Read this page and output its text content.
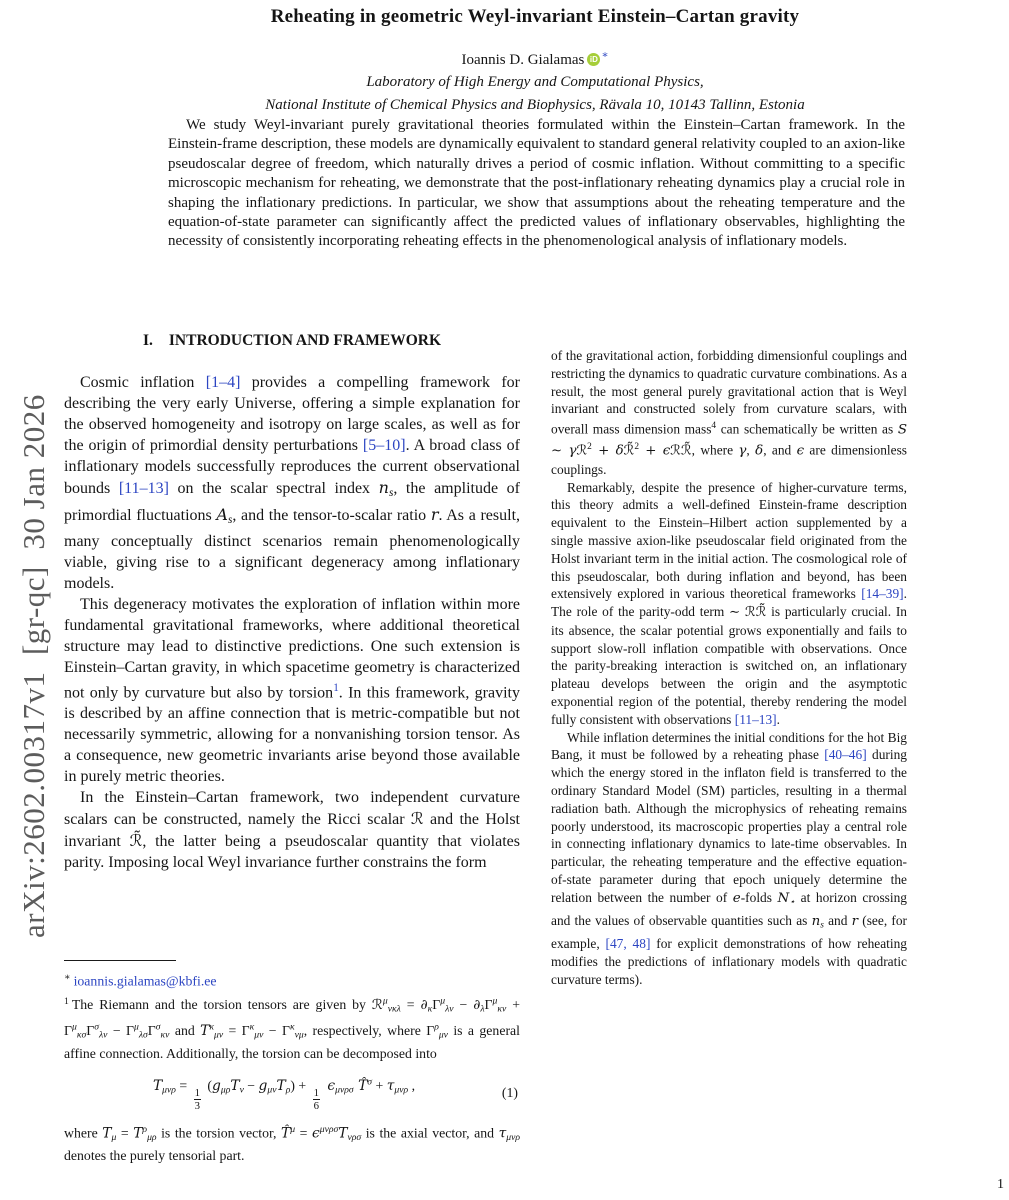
arXiv:2602.00317v1  [gr-qc]  30 Jan 2026
Reheating in geometric Weyl-invariant Einstein–Cartan gravity
Ioannis D. Gialamas iD ∗
Laboratory of High Energy and Computational Physics,
National Institute of Chemical Physics and Biophysics, Rävala 10, 10143 Tallinn, Estonia

We study Weyl-invariant purely gravitational theories formulated within the Einstein–Cartan framework. In the Einstein-frame description, these models are dynamically equivalent to standard general relativity coupled to an axion-like pseudoscalar degree of freedom, which naturally drives a period of cosmic inflation. Without committing to a specific microscopic mechanism for reheating, we demonstrate that the post-inflationary reheating dynamics play a crucial role in shaping the inflationary predictions. In particular, we show that assumptions about the reheating temperature and the equation-of-state parameter can significantly affect the predicted values of inflationary observables, highlighting the necessity of consistently incorporating reheating effects in the phenomenological analysis of inflationary models.

I. INTRODUCTION AND FRAMEWORK

Cosmic inflation [1–4] provides a compelling framework for describing the very early Universe, offering a simple explanation for the observed homogeneity and isotropy on large scales, as well as for the origin of primordial density perturbations [5–10]. A broad class of inflationary models successfully reproduces the current observational bounds [11–13] on the scalar spectral index ns, the amplitude of primordial fluctuations As, and the tensor-to-scalar ratio r. As a result, many conceptually distinct scenarios remain phenomenologically viable, giving rise to a significant degeneracy among inflationary models.

This degeneracy motivates the exploration of inflation within more fundamental gravitational frameworks, where additional theoretical structure may lead to distinctive predictions. One such extension is Einstein–Cartan gravity, in which spacetime geometry is characterized not only by curvature but also by torsion$^1$. In this framework, gravity is described by an affine connection that is metric-compatible but not necessarily symmetric, allowing for a nonvanishing torsion tensor. As a consequence, new geometric invariants arise beyond those available in purely metric theories.

In the Einstein–Cartan framework, two independent curvature scalars can be constructed, namely the Ricci scalar ℛ and the Holst invariant ℛ̃, the latter being a pseudoscalar quantity that violates parity. Imposing local Weyl invariance further constrains the form

of the gravitational action, forbidding dimensionful couplings and restricting the dynamics to quadratic curvature combinations. As a result, the most general purely gravitational action that is Weyl invariant and constructed solely from curvature scalars, with overall mass dimension mass$^4$ can schematically be written as S ∼ γℛ$^2$ + δℛ̃$^2$ + ϵℛℛ̃, where γ, δ, and ϵ are dimensionless couplings.

Remarkably, despite the presence of higher-curvature terms, this theory admits a well-defined Einstein-frame description equivalent to the Einstein–Hilbert action supplemented by a single massive axion-like pseudoscalar field originated from the Holst invariant term in the initial action. The cosmological role of this pseudoscalar, both during inflation and beyond, has been extensively explored in various theoretical frameworks [14–39]. The role of the parity-odd term ∼ ℛℛ̃ is particularly crucial. In its absence, the scalar potential grows exponentially and fails to support slow-roll inflation compatible with observations. Once the parity-breaking interaction is switched on, an inflationary plateau develops between the origin and the asymptotic exponential region of the potential, thereby rendering the model fully consistent with observations [11–13].

While inflation determines the initial conditions for the hot Big Bang, it must be followed by a reheating phase [40–46] during which the energy stored in the inflaton field is transferred to the ordinary Standard Model (SM) particles, resulting in a thermal radiation bath. Although the microphysics of reheating remains poorly understood, its macroscopic properties play a central role in connecting inflationary dynamics to late-time observables. In particular, the reheating temperature and the effective equation-of-state parameter during that epoch uniquely determine the relation between the number of e-folds N⋆ at horizon crossing and the values of observable quantities such as ns and r (see, for example, [47, 48] for explicit demonstrations of how reheating modifies the predictions of inflationary models with quadratic curvature terms).

∗ ioannis.gialamas@kbfi.ee
$^1$ The Riemann and the torsion tensors are given by ℛ$^\mu$νκλ = $\partial\kappa\Gamma^\mu\lambda\nu - \partial\lambda\Gamma^\mu\kappa\nu + \Gamma^\mu\kappa\sigma\Gamma^\sigma\lambda\nu - \Gamma^\mu\lambda\sigma\Gamma^\sigma\kappa\nu$ and $T^\kappa\mu\nu = \Gamma^\kappa\mu\nu - \Gamma^\kappa\nu\mu$, respectively, where $\Gamma^\rho\mu\nu$ is a general affine connection. Additionally, the torsion can be decomposed into
Tμνρ =
$\frac{1}{3}$
(gμρTν − gμνTρ) +
$\frac{1}{6}$
ϵμνρσ T̂$^\sigma$ + τμνρ ,	(1)
where $T\mu = T^\rho\mu\rho$ is the torsion vector, T̂$^\mu$ = $\epsilon^{\mu\nu\rho\sigma}T\nu\rho\sigma$ is the axial vector, and τμνρ denotes the purely tensorial part.
1
